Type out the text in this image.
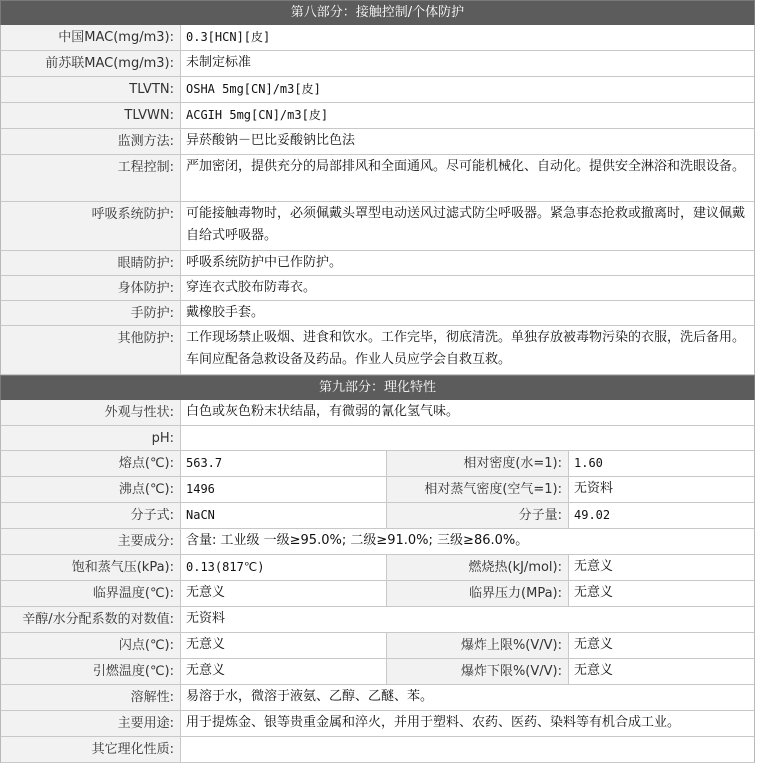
第八部分：接触控制/个体防护
中国MAC(mg/m3):	0.3[HCN][皮]
前苏联MAC(mg/m3): 未制定标准
TLVTN:	OSHA 5mg[CN]/m3[皮]
TLVWN:	ACGIH 5mg[CN]/m3[皮]
监测方法: 异菸酸钠－巴比妥酸钠比色法
工程控制: 严加密闭，提供充分的局部排风和全面通风。尽可能机械化、自动化。提供安全淋浴和洗眼设备。
呼吸系统防护: 可能接触毒物时，必须佩戴头罩型电动送风过滤式防尘呼吸器。紧急事态抢救或撤离时，建议佩戴自给式呼吸器。
眼睛防护: 呼吸系统防护中已作防护。
身体防护: 穿连衣式胶布防毒衣。
手防护: 戴橡胶手套。
其他防护: 工作现场禁止吸烟、进食和饮水。工作完毕，彻底清洗。单独存放被毒物污染的衣服，洗后备用。车间应配备急救设备及药品。作业人员应学会自救互救。
第九部分：理化特性
外观与性状: 白色或灰色粉末状结晶，有微弱的氰化氢气味。
pH:
熔点(℃):	563.7	相对密度(水=1):	1.60
沸点(℃):	1496	相对蒸气密度(空气=1): 无资料
分子式:	NaCN	分子量:	49.02
主要成分: 含量: 工业级 一级≥95.0%; 二级≥91.0%; 三级≥86.0%。
饱和蒸气压(kPa):	0.13(817℃)	燃烧热(kJ/mol): 无意义
临界温度(℃): 无意义	临界压力(MPa): 无意义
辛醇/水分配系数的对数值: 无资料
闪点(℃): 无意义	爆炸上限%(V/V): 无意义
引燃温度(℃): 无意义	爆炸下限%(V/V): 无意义
溶解性: 易溶于水，微溶于液氨、乙醇、乙醚、苯。
主要用途: 用于提炼金、银等贵重金属和淬火，并用于塑料、农药、医药、染料等有机合成工业。
其它理化性质:
